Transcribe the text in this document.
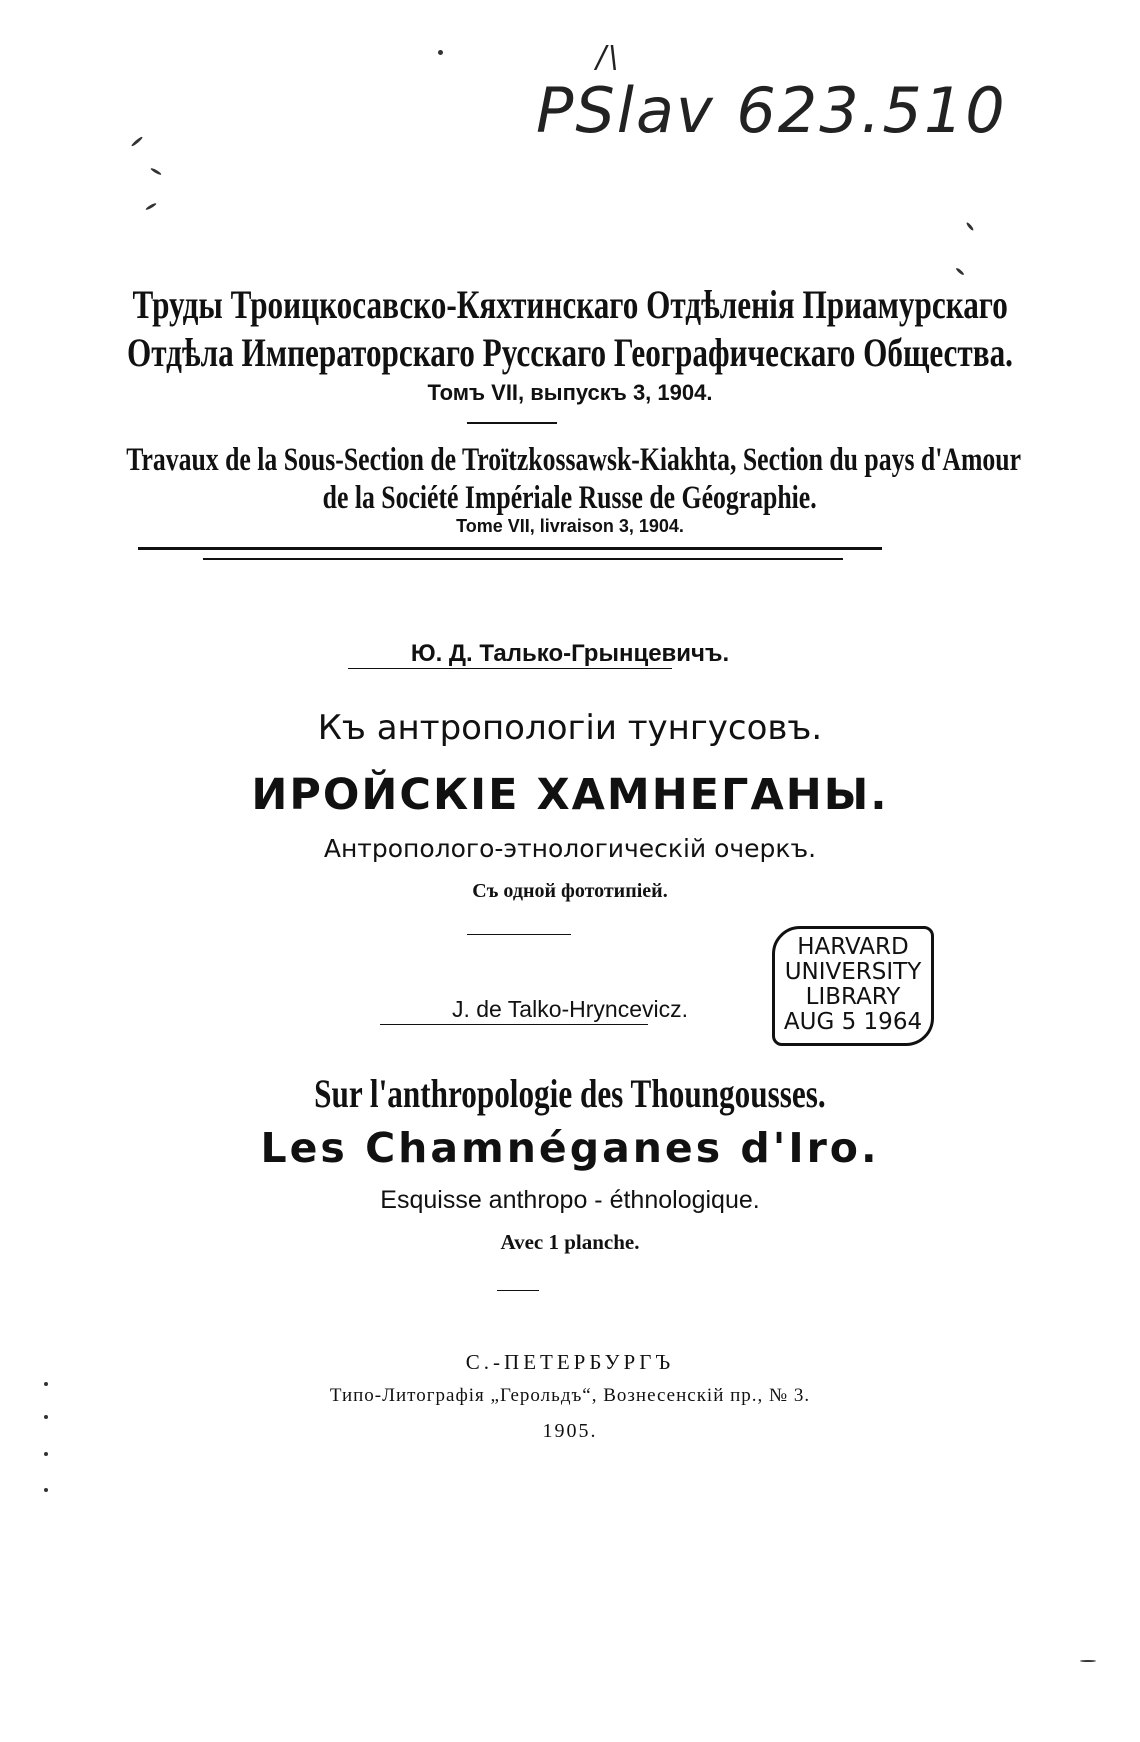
/\
PSlav 623.510
Труды Троицкосавско-Кяхтинскаго Отдѣленія Приамурскаго
Отдѣла Императорскаго Русскаго Географическаго Общества.
Томъ VII, выпускъ 3, 1904.
Travaux de la Sous-Section de Troïtzkossawsk-Kiakhta, Section du pays d'Amour
de la Société Impériale Russe de Géographie.
Tome VII, livraison 3, 1904.
Ю. Д. Талько-Грынцевичъ.
Къ антропологіи тунгусовъ.
ИРОЙСКІЕ ХАМНЕГАНЫ.
Антрополого-этнологическій очеркъ.
Съ одной фототипіей.
HARVARD
UNIVERSITY
LIBRARY
AUG 5 1964
J. de Talko-Hryncevicz.
Sur l'anthropologie des Thoungousses.
Les Chamnéganes d'Iro.
Esquisse anthropo - éthnologique.
Avec 1 planche.
С.-ПЕТЕРБУРГЪ
Типо-Литографія „Герольдъ“, Вознесенскій пр., № 3.
1905.
